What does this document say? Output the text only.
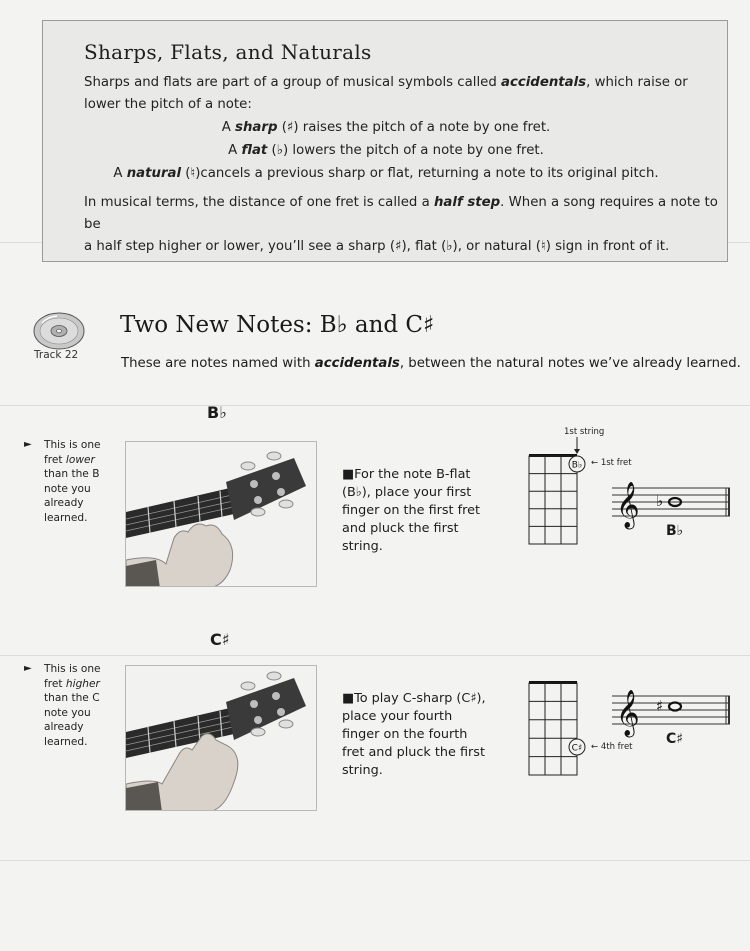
Sharps, Flats, and Naturals

Sharps and flats are part of a group of musical symbols called accidentals, which raise or
lower the pitch of a note:

A sharp (♯) raises the pitch of a note by one fret.

A flat (♭) lowers the pitch of a note by one fret.

A natural (♮)cancels a previous sharp or flat, returning a note to its original pitch.

In musical terms, the distance of one fret is called a half step. When a song requires a note to be
a half step higher or lower, you’ll see a sharp (♯), flat (♭), or natural (♮) sign in front of it.

Track 22
Two New Notes: B♭ and C♯
These are notes named with accidentals, between the natural notes we’ve already learned.
B♭
► This is one fret lower than the B note you already learned.
■For the note B-flat (B♭), place your first finger on the first fret and pluck the first string.
1st string
B♭ ← 1st fret
𝄞 ♭
B♭
C♯
► This is one fret higher than the C note you already learned.
■To play C-sharp (C♯), place your fourth finger on the fourth fret and pluck the first string.
C♯ ← 4th fret
𝄞 ♯
C♯
